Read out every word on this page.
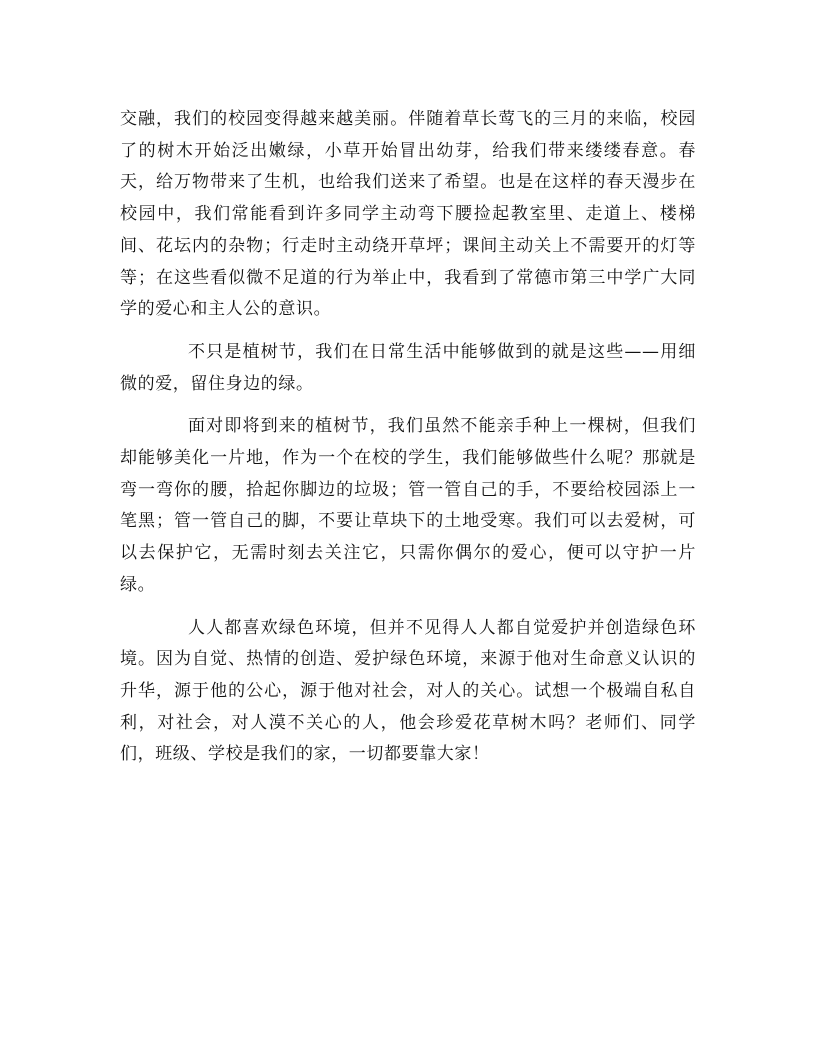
交融，我们的校园变得越来越美丽。伴随着草长莺飞的三月的来临，校园了的树木开始泛出嫩绿，小草开始冒出幼芽，给我们带来缕缕春意。春天，给万物带来了生机，也给我们送来了希望。也是在这样的春天漫步在校园中，我们常能看到许多同学主动弯下腰捡起教室里、走道上、楼梯间、花坛内的杂物；行走时主动绕开草坪；课间主动关上不需要开的灯等等；在这些看似微不足道的行为举止中，我看到了常德市第三中学广大同学的爱心和主人公的意识。

不只是植树节，我们在日常生活中能够做到的就是这些——用细微的爱，留住身边的绿。

面对即将到来的植树节，我们虽然不能亲手种上一棵树，但我们却能够美化一片地，作为一个在校的学生，我们能够做些什么呢？那就是弯一弯你的腰，拾起你脚边的垃圾；管一管自己的手，不要给校园添上一笔黑；管一管自己的脚，不要让草块下的土地受寒。我们可以去爱树，可以去保护它，无需时刻去关注它，只需你偶尔的爱心，便可以守护一片绿。

人人都喜欢绿色环境，但并不见得人人都自觉爱护并创造绿色环境。因为自觉、热情的创造、爱护绿色环境，来源于他对生命意义认识的升华，源于他的公心，源于他对社会，对人的关心。试想一个极端自私自利，对社会，对人漠不关心的人，他会珍爱花草树木吗？老师们、同学们，班级、学校是我们的家，一切都要靠大家！
